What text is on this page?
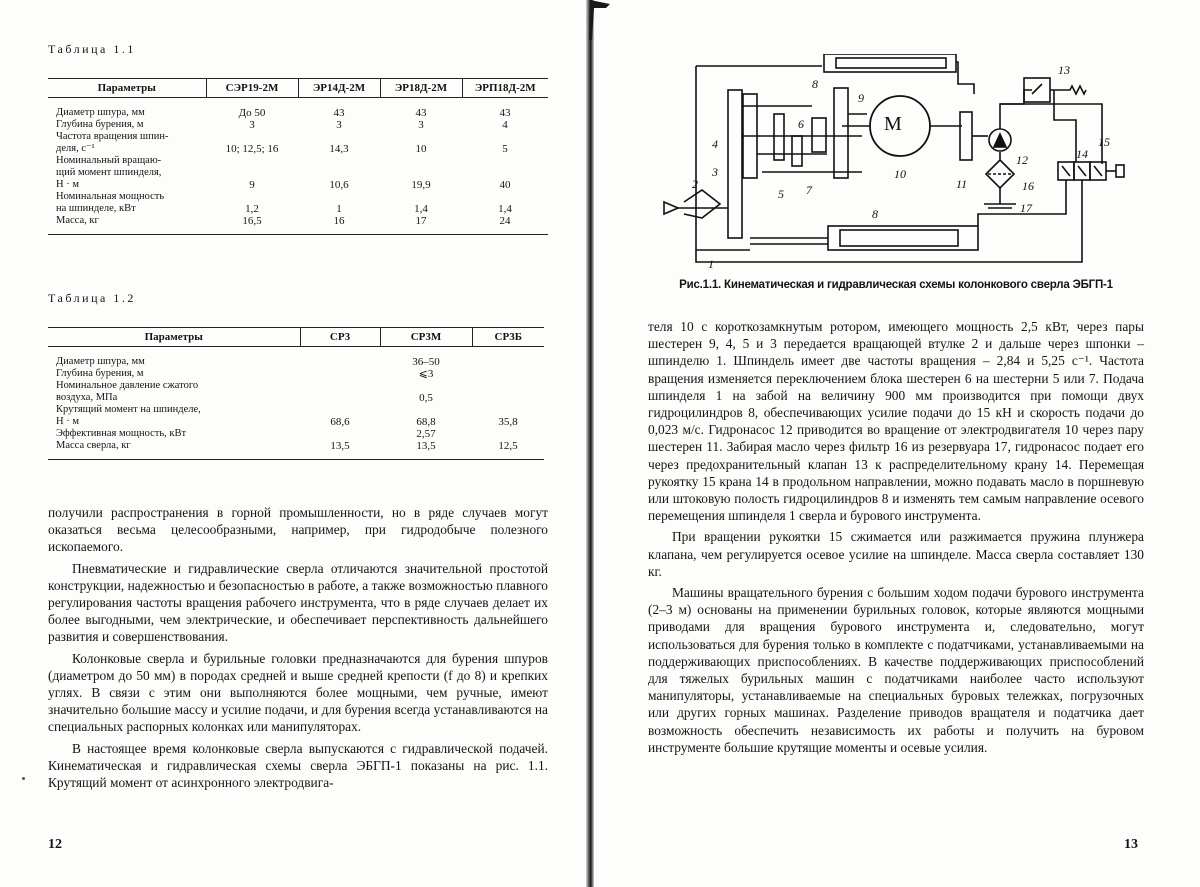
Таблица 1.1
Параметры	СЭР19-2М	ЭР14Д-2М	ЭР18Д-2М	ЭРП18Д-2М
Диаметр шпура, мм	До 50	43	43	43
Глубина бурения, м	3	3	3	4
Частота вращения шпин-				
деля, с⁻¹	10; 12,5; 16	14,3	10	5
Номинальный вращаю-				
щий момент шпинделя,				
Н · м	9	10,6	19,9	40
Номинальная мощность				
на шпинделе, кВт	1,2	1	1,4	1,4
Масса, кг	16,5	16	17	24
Таблица 1.2
Параметры	СР3	СР3М	СР3Б
Диаметр шпура, мм		36–50	
Глубина бурения, м		⩽3	
Номинальное давление сжатого			
воздуха, МПа		0,5	
Крутящий момент на шпинделе,			
Н · м	68,6	68,8	35,8
Эффективная мощность, кВт		2,57	
Масса сверла, кг	13,5	13,5	12,5

получили распространения в горной промышленности, но в ряде случаев могут оказаться весьма целесообразными, например, при гидродобыче полезного ископаемого.

Пневматические и гидравлические сверла отличаются значительной простотой конструкции, надежностью и безопасностью в работе, а также возможностью плавного регулирования частоты вращения рабочего инструмента, что в ряде случаев делает их более выгодными, чем электрические, и обеспечивает перспективность дальнейшего развития и совершенствования.

Колонковые сверла и бурильные головки предназначаются для бурения шпуров (диаметром до 50 мм) в породах средней и выше средней крепости (f до 8) и крепких углях. В связи с этим они выполняются более мощными, чем ручные, имеют значительно большие массу и усилие подачи, и для бурения всегда устанавливаются на специальных распорных колонках или манипуляторах.

В настоящее время колонковые сверла выпускаются с гидравлической подачей. Кинематическая и гидравлическая схемы сверла ЭБГП-1 показаны на рис. 1.1. Крутящий момент от асинхронного электродвига-

12
М
1
2
3
4
5
6
7
8
8
9
10
11
12
13
14
15
16
17
Рис.1.1. Кинематическая и гидравлическая схемы колонкового сверла ЭБГП-1

теля 10 с короткозамкнутым ротором, имеющего мощность 2,5 кВт, через пары шестерен 9, 4, 5 и 3 передается вращающей втулке 2 и дальше через шпонки – шпинделю 1. Шпиндель имеет две частоты вращения – 2,84 и 5,25 с⁻¹. Частота вращения изменяется переключением блока шестерен 6 на шестерни 5 или 7. Подача шпинделя 1 на забой на величину 900 мм производится при помощи двух гидроцилиндров 8, обеспечивающих усилие подачи до 15 кН и скорость подачи до 0,023 м/с. Гидронасос 12 приводится во вращение от электродвигателя 10 через пару шестерен 11. Забирая масло через фильтр 16 из резервуара 17, гидронасос подает его через предохранительный клапан 13 к распределительному крану 14. Перемещая рукоятку 15 крана 14 в продольном направлении, можно подавать масло в поршневую или штоковую полость гидроцилиндров 8 и изменять тем самым направление осевого перемещения шпинделя 1 сверла и бурового инструмента.

При вращении рукоятки 15 сжимается или разжимается пружина плунжера клапана, чем регулируется осевое усилие на шпинделе. Масса сверла составляет 130 кг.

Машины вращательного бурения с большим ходом подачи бурового инструмента (2–3 м) основаны на применении бурильных головок, которые являются мощными приводами для вращения бурового инструмента и, следовательно, могут использоваться для бурения только в комплекте с податчиками, устанавливаемыми на поддерживающих приспособлениях. В качестве поддерживающих приспособлений для тяжелых бурильных машин с податчиками наиболее часто используют манипуляторы, устанавливаемые на специальных буровых тележках, погрузочных или других горных машинах. Разделение приводов вращателя и податчика дает возможность обеспечить независимость их работы и получить на буровом инструменте большие крутящие моменты и осевые усилия.

13
